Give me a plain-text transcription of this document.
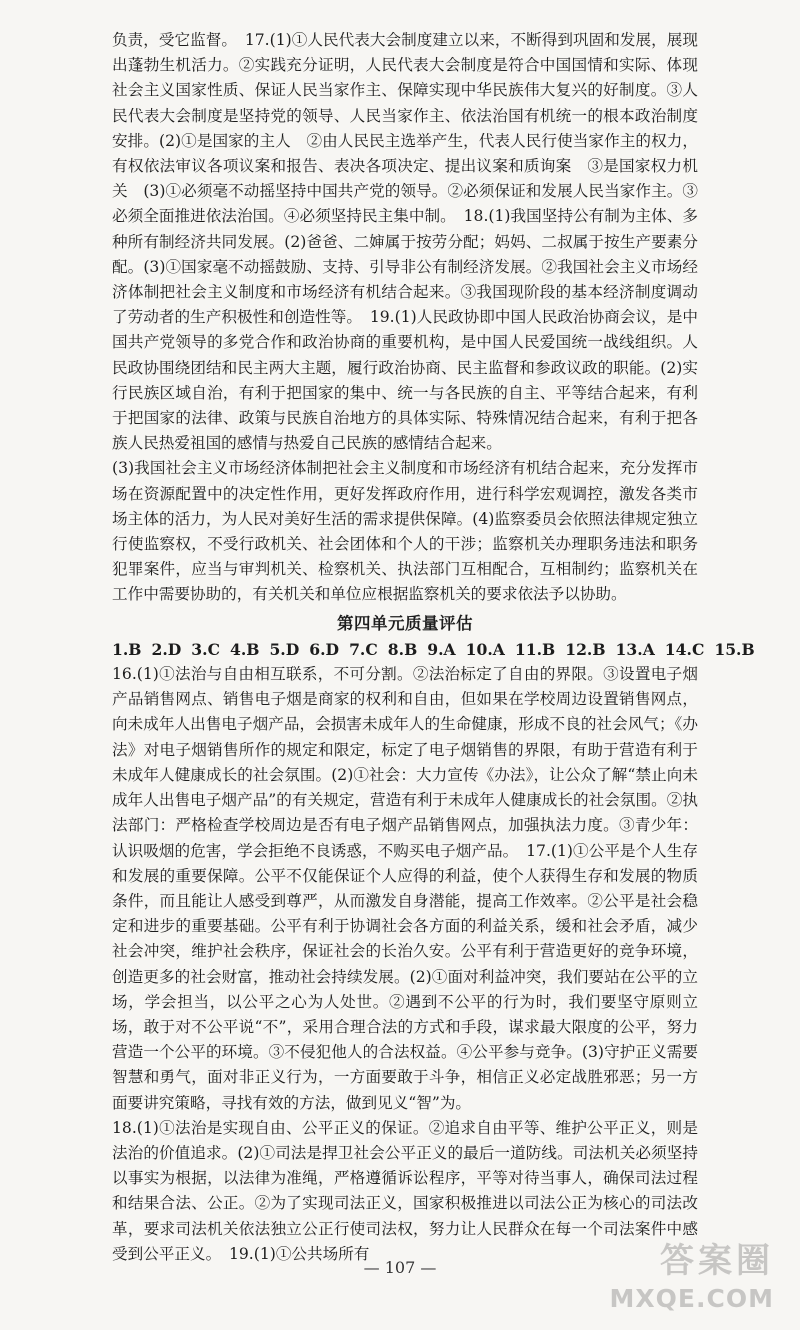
负责，受它监督。　17.(1)①人民代表大会制度建立以来，不断得到巩固和发展，展现出蓬勃生机活力。②实践充分证明，人民代表大会制度是符合中国国情和实际、体现社会主义国家性质、保证人民当家作主、保障实现中华民族伟大复兴的好制度。③人民代表大会制度是坚持党的领导、人民当家作主、依法治国有机统一的根本政治制度安排。(2)①是国家的主人　②由人民民主选举产生，代表人民行使当家作主的权力，有权依法审议各项议案和报告、表决各项决定、提出议案和质询案　③是国家权力机关　(3)①必须毫不动摇坚持中国共产党的领导。②必须保证和发展人民当家作主。③必须全面推进依法治国。④必须坚持民主集中制。　18.(1)我国坚持公有制为主体、多种所有制经济共同发展。(2)爸爸、二婶属于按劳分配；妈妈、二叔属于按生产要素分配。(3)①国家毫不动摇鼓励、支持、引导非公有制经济发展。②我国社会主义市场经济体制把社会主义制度和市场经济有机结合起来。③我国现阶段的基本经济制度调动了劳动者的生产积极性和创造性等。　19.(1)人民政协即中国人民政治协商会议，是中国共产党领导的多党合作和政治协商的重要机构，是中国人民爱国统一战线组织。人民政协围绕团结和民主两大主题，履行政治协商、民主监督和参政议政的职能。(2)实行民族区域自治，有利于把国家的集中、统一与各民族的自主、平等结合起来，有利于把国家的法律、政策与民族自治地方的具体实际、特殊情况结合起来，有利于把各族人民热爱祖国的感情与热爱自己民族的感情结合起来。

(3)我国社会主义市场经济体制把社会主义制度和市场经济有机结合起来，充分发挥市场在资源配置中的决定性作用，更好发挥政府作用，进行科学宏观调控，激发各类市场主体的活力，为人民对美好生活的需求提供保障。(4)监察委员会依照法律规定独立行使监察权，不受行政机关、社会团体和个人的干涉；监察机关办理职务违法和职务犯罪案件，应当与审判机关、检察机关、执法部门互相配合，互相制约；监察机关在工作中需要协助的，有关机关和单位应根据监察机关的要求依法予以协助。

第四单元质量评估

1.B 2.D 3.C 4.B 5.D 6.D 7.C 8.B 9.A 10.A 11.B 12.B 13.A 14.C 15.B

16.(1)①法治与自由相互联系，不可分割。②法治标定了自由的界限。③设置电子烟产品销售网点、销售电子烟是商家的权利和自由，但如果在学校周边设置销售网点，向未成年人出售电子烟产品，会损害未成年人的生命健康，形成不良的社会风气；《办法》对电子烟销售所作的规定和限定，标定了电子烟销售的界限，有助于营造有利于未成年人健康成长的社会氛围。(2)①社会：大力宣传《办法》，让公众了解“禁止向未成年人出售电子烟产品”的有关规定，营造有利于未成年人健康成长的社会氛围。②执法部门：严格检查学校周边是否有电子烟产品销售网点，加强执法力度。③青少年：认识吸烟的危害，学会拒绝不良诱惑，不购买电子烟产品。　17.(1)①公平是个人生存和发展的重要保障。公平不仅能保证个人应得的利益，使个人获得生存和发展的物质条件，而且能让人感受到尊严，从而激发自身潜能，提高工作效率。②公平是社会稳定和进步的重要基础。公平有利于协调社会各方面的利益关系，缓和社会矛盾，减少社会冲突，维护社会秩序，保证社会的长治久安。公平有利于营造更好的竞争环境，创造更多的社会财富，推动社会持续发展。(2)①面对利益冲突，我们要站在公平的立场，学会担当，以公平之心为人处世。②遇到不公平的行为时，我们要坚守原则立场，敢于对不公平说“不”，采用合理合法的方式和手段，谋求最大限度的公平，努力营造一个公平的环境。③不侵犯他人的合法权益。④公平参与竞争。(3)守护正义需要智慧和勇气，面对非正义行为，一方面要敢于斗争，相信正义必定战胜邪恶；另一方面要讲究策略，寻找有效的方法，做到见义“智”为。

18.(1)①法治是实现自由、公平正义的保证。②追求自由平等、维护公平正义，则是法治的价值追求。(2)①司法是捍卫社会公平正义的最后一道防线。司法机关必须坚持以事实为根据，以法律为准绳，严格遵循诉讼程序，平等对待当事人，确保司法过程和结果合法、公正。②为了实现司法正义，国家积极推进以司法公正为核心的司法改革，要求司法机关依法独立公正行使司法权，努力让人民群众在每一个司法案件中感受到公平正义。　19.(1)①公共场所有

— 107 —	答案圈
MXQE.COM
